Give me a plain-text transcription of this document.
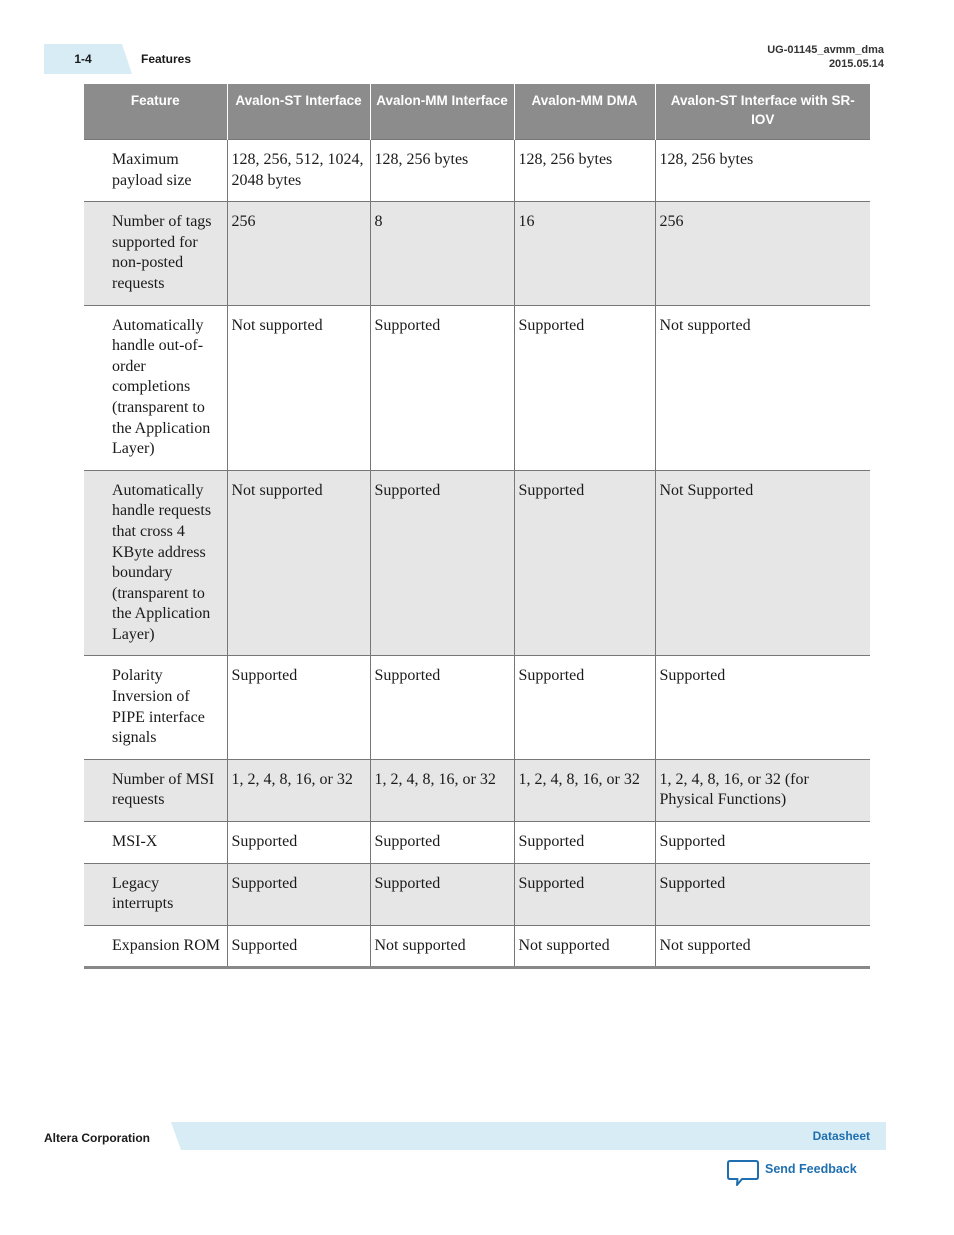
1-4	Features
UG-01145_avmm_dma
2015.05.14
Feature	Avalon-ST Interface	Avalon-MM Interface	Avalon-MM DMA	Avalon-ST Interface with SR-IOV
Maximum payload size	128, 256, 512, 1024, 2048 bytes	128, 256 bytes	128, 256 bytes	128, 256 bytes
Number of tags supported for non-posted requests	256	8	16	256
Automatically handle out-of-order completions (transparent to the Application Layer)	Not supported	Supported	Supported	Not supported
Automatically handle requests that cross 4 KByte address boundary (transparent to the Application Layer)	Not supported	Supported	Supported	Not Supported
Polarity Inversion of PIPE interface signals	Supported	Supported	Supported	Supported
Number of MSI requests	1, 2, 4, 8, 16, or 32	1, 2, 4, 8, 16, or 32	1, 2, 4, 8, 16, or 32	1, 2, 4, 8, 16, or 32 (for Physical Functions)
MSI-X	Supported	Supported	Supported	Supported
Legacy interrupts	Supported	Supported	Supported	Supported
Expansion ROM	Supported	Not supported	Not supported	Not supported
Altera Corporation	Datasheet
Send Feedback
